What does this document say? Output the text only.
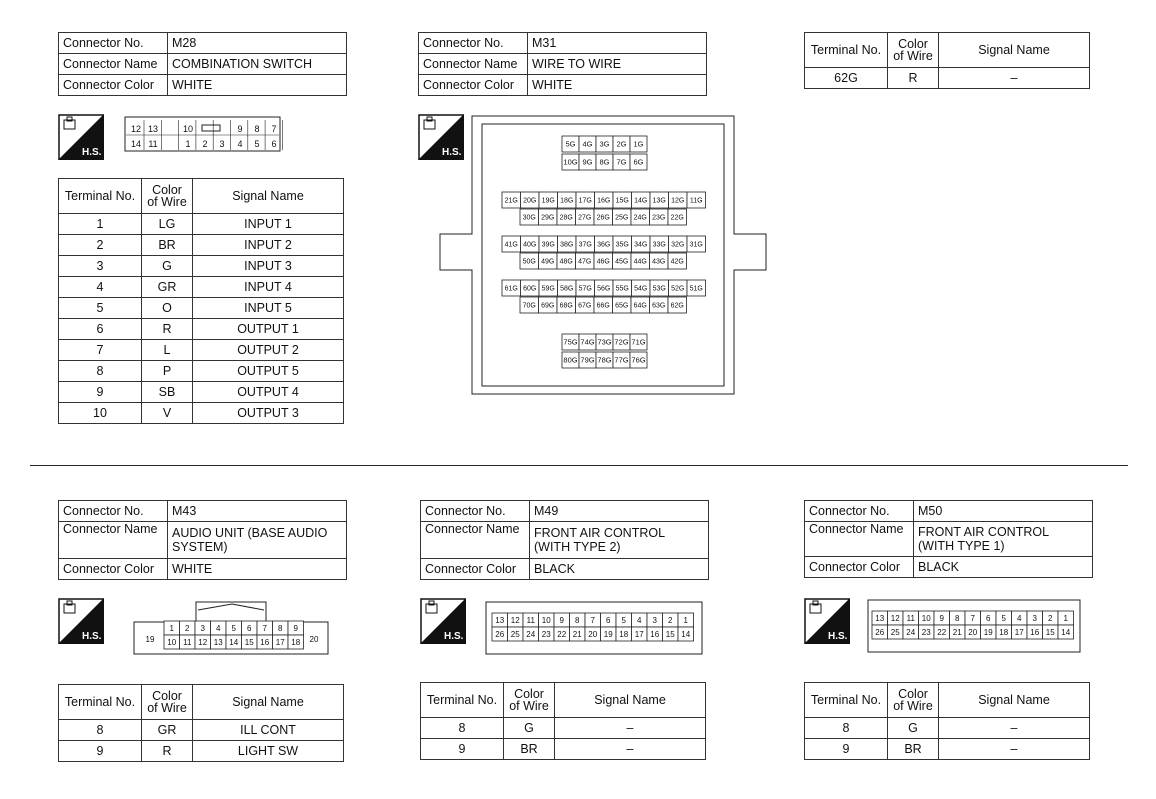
Connector No.	M28
Connector Name	COMBINATION SWITCH
Connector Color	WHITE
H.S.
12 13	10	9 8 7
14 11	1 2 3 4 5 6
Terminal No.	Color of Wire	Signal Name
1	LG	INPUT 1
2	BR	INPUT 2
3	G	INPUT 3
4	GR	INPUT 4
5	O	INPUT 5
6	R	OUTPUT 1
7	L	OUTPUT 2
8	P	OUTPUT 5
9	SB	OUTPUT 4
10	V	OUTPUT 3
Connector No.	M31
Connector Name	WIRE TO WIRE
Connector Color	WHITE
H.S.
5G 4G 3G 2G 1G
10G 9G 8G 7G 6G
21G 20G 19G 18G 17G 16G 15G 14G 13G 12G 11G
30G 29G 28G 27G 26G 25G 24G 23G 22G
41G 40G 39G 38G 37G 36G 35G 34G 33G 32G 31G
50G 49G 48G 47G 46G 45G 44G 43G 42G
61G 60G 59G 58G 57G 56G 55G 54G 53G 52G 51G
70G 69G 68G 67G 66G 65G 64G 63G 62G
75G 74G 73G 72G 71G
80G 79G 78G 77G 76G
Terminal No.	Color of Wire	Signal Name
62G	R	–
Connector No.	M43
Connector Name	AUDIO UNIT (BASE AUDIO SYSTEM)
Connector Color	WHITE
H.S.
1 2 3 4 5 6 7 8 9
10 11 12 13 14 15 16 17 18
19	20
Terminal No.	Color of Wire	Signal Name
8	GR	ILL CONT
9	R	LIGHT SW
Connector No.	M49
Connector Name	FRONT AIR CONTROL (WITH TYPE 2)
Connector Color	BLACK
H.S.
13 12 11 10 9 8 7 6 5 4 3 2 1
26 25 24 23 22 21 20 19 18 17 16 15 14
Terminal No.	Color of Wire	Signal Name
8	G	–
9	BR	–
Connector No.	M50
Connector Name	FRONT AIR CONTROL (WITH TYPE 1)
Connector Color	BLACK
H.S.
13 12 11 10 9 8 7 6 5 4 3 2 1
26 25 24 23 22 21 20 19 18 17 16 15 14
Terminal No.	Color of Wire	Signal Name
8	G	–
9	BR	–
